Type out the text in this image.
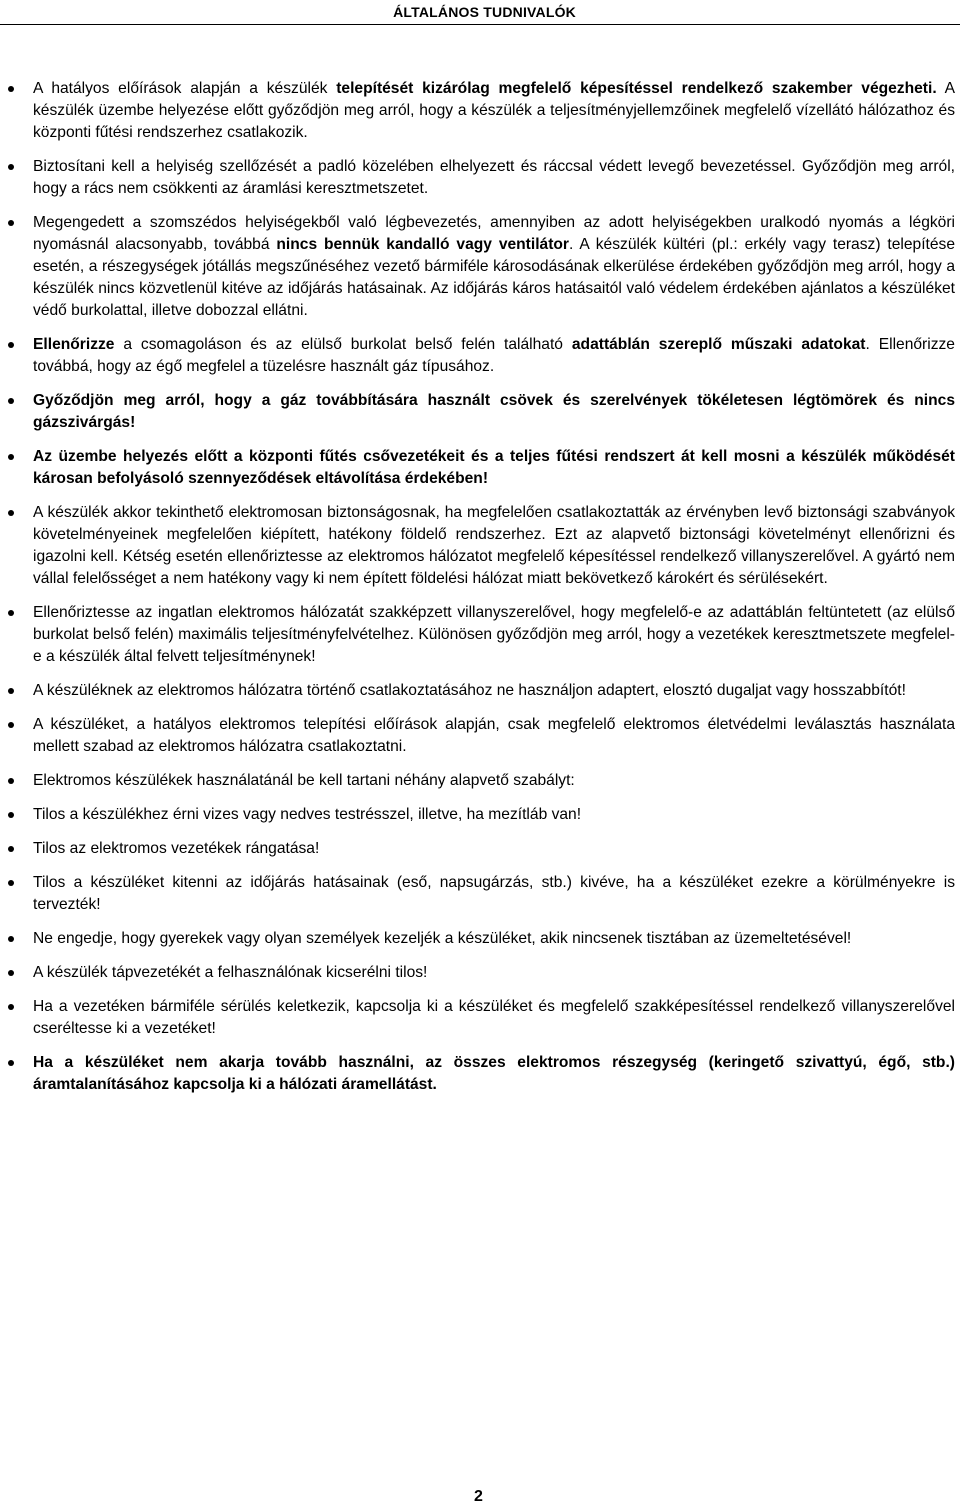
ÁLTALÁNOS TUDNIVALÓK
A hatályos előírások alapján a készülék telepítését kizárólag megfelelő képesítéssel rendelkező szakember végezheti. A készülék üzembe helyezése előtt győződjön meg arról, hogy a készülék a teljesítményjellemzőinek megfelelő vízellátó hálózathoz és központi fűtési rendszerhez csatlakozik.
Biztosítani kell a helyiség szellőzését a padló közelében elhelyezett és ráccsal védett levegő bevezetéssel. Győződjön meg arról, hogy a rács nem csökkenti az áramlási keresztmetszetet.
Megengedett a szomszédos helyiségekből való légbevezetés, amennyiben az adott helyiségekben uralkodó nyomás a légköri nyomásnál alacsonyabb, továbbá nincs bennük kandalló vagy ventilátor. A készülék kültéri (pl.: erkély vagy terasz) telepítése esetén, a részegységek jótállás megszűnéséhez vezető bármiféle károsodásának elkerülése érdekében győződjön meg arról, hogy a készülék nincs közvetlenül kitéve az időjárás hatásainak. Az időjárás káros hatásaitól való védelem érdekében ajánlatos a készüléket védő burkolattal, illetve dobozzal ellátni.
Ellenőrizze a csomagoláson és az elülső burkolat belső felén található adattáblán szereplő műszaki adatokat. Ellenőrizze továbbá, hogy az égő megfelel a tüzelésre használt gáz típusához.
Győződjön meg arról, hogy a gáz továbbítására használt csövek és szerelvények tökéletesen légtömörek és nincs gázszivárgás!
Az üzembe helyezés előtt a központi fűtés csővezetékeit és a teljes fűtési rendszert át kell mosni a készülék működését károsan befolyásoló szennyeződések eltávolítása érdekében!
A készülék akkor tekinthető elektromosan biztonságosnak, ha megfelelően csatlakoztatták az érvényben levő biztonsági szabványok követelményeinek megfelelően kiépített, hatékony földelő rendszerhez. Ezt az alapvető biztonsági követelményt ellenőrizni és igazolni kell. Kétség esetén ellenőriztesse az elektromos hálózatot megfelelő képesítéssel rendelkező villanyszerelővel. A gyártó nem vállal felelősséget a nem hatékony vagy ki nem épített földelési hálózat miatt bekövetkező károkért és sérülésekért.
Ellenőriztesse az ingatlan elektromos hálózatát szakképzett villanyszerelővel, hogy megfelelő-e az adattáblán feltüntetett (az elülső burkolat belső felén) maximális teljesítményfelvételhez. Különösen győződjön meg arról, hogy a vezetékek keresztmetszete megfelel-e a készülék által felvett teljesítménynek!
A készüléknek az elektromos hálózatra történő csatlakoztatásához ne használjon adaptert, elosztó dugaljat vagy hosszabbítót!
A készüléket, a hatályos elektromos telepítési előírások alapján, csak megfelelő elektromos életvédelmi leválasztás használata mellett szabad az elektromos hálózatra csatlakoztatni.
Elektromos készülékek használatánál be kell tartani néhány alapvető szabályt:
Tilos a készülékhez érni vizes vagy nedves testrésszel, illetve, ha mezítláb van!
Tilos az elektromos vezetékek rángatása!
Tilos a készüléket kitenni az időjárás hatásainak (eső, napsugárzás, stb.) kivéve, ha a készüléket ezekre a körülményekre is tervezték!
Ne engedje, hogy gyerekek vagy olyan személyek kezeljék a készüléket, akik nincsenek tisztában az üzemeltetésével!
A készülék tápvezetékét a felhasználónak kicserélni tilos!
Ha a vezetéken bármiféle sérülés keletkezik, kapcsolja ki a készüléket és megfelelő szakképesítéssel rendelkező villanyszerelővel cseréltesse ki a vezetéket!
Ha a készüléket nem akarja tovább használni, az összes elektromos részegység (keringető szivattyú, égő, stb.) áramtalanításához kapcsolja ki a hálózati áramellátást.
2
